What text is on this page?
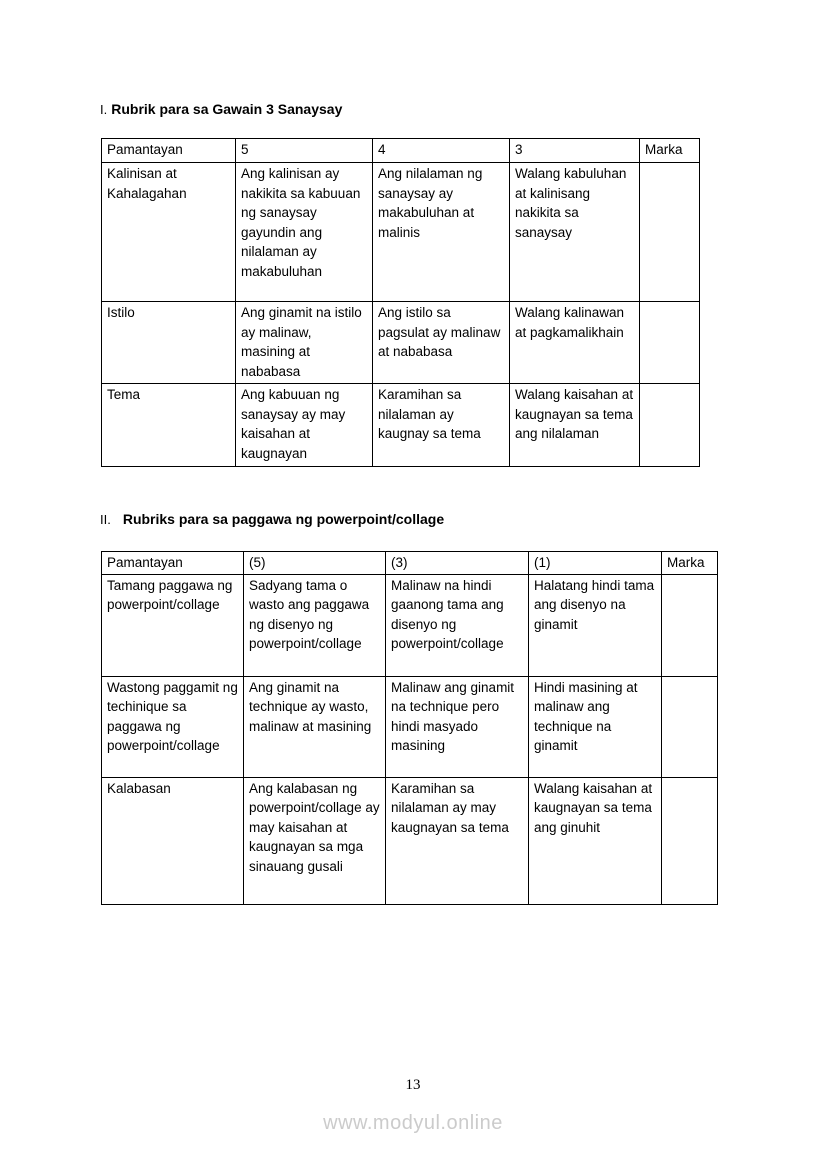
I. Rubrik para sa Gawain 3 Sanaysay
Pamantayan	5	4	3	Marka
Kalinisan at Kahalagahan	Ang kalinisan ay nakikita sa kabuuan ng sanaysay gayundin ang nilalaman ay makabuluhan	Ang nilalaman ng sanaysay ay makabuluhan at malinis	Walang kabuluhan at kalinisang nakikita sa sanaysay	
Istilo	Ang ginamit na istilo ay malinaw, masining at nababasa	Ang istilo sa pagsulat ay malinaw at nababasa	Walang kalinawan at pagkamalikhain	
Tema	Ang kabuuan ng sanaysay ay may kaisahan at kaugnayan	Karamihan sa nilalaman ay kaugnay sa tema	Walang kaisahan at kaugnayan sa tema ang nilalaman	
II. Rubriks para sa paggawa ng powerpoint/collage
Pamantayan	(5)	(3)	(1)	Marka
Tamang paggawa ng powerpoint/collage	Sadyang tama o wasto ang paggawa ng disenyo ng powerpoint/collage	Malinaw na hindi gaanong tama ang disenyo ng powerpoint/collage	Halatang hindi tama ang disenyo na ginamit	
Wastong paggamit ng techinique sa paggawa ng powerpoint/collage	Ang ginamit na technique ay wasto, malinaw at masining	Malinaw ang ginamit na technique pero hindi masyado masining	Hindi masining at malinaw ang technique na ginamit	
Kalabasan	Ang kalabasan ng powerpoint/collage ay may kaisahan at kaugnayan sa mga sinauang gusali	Karamihan sa nilalaman ay may kaugnayan sa tema	Walang kaisahan at kaugnayan sa tema ang ginuhit	
13
www.modyul.online
